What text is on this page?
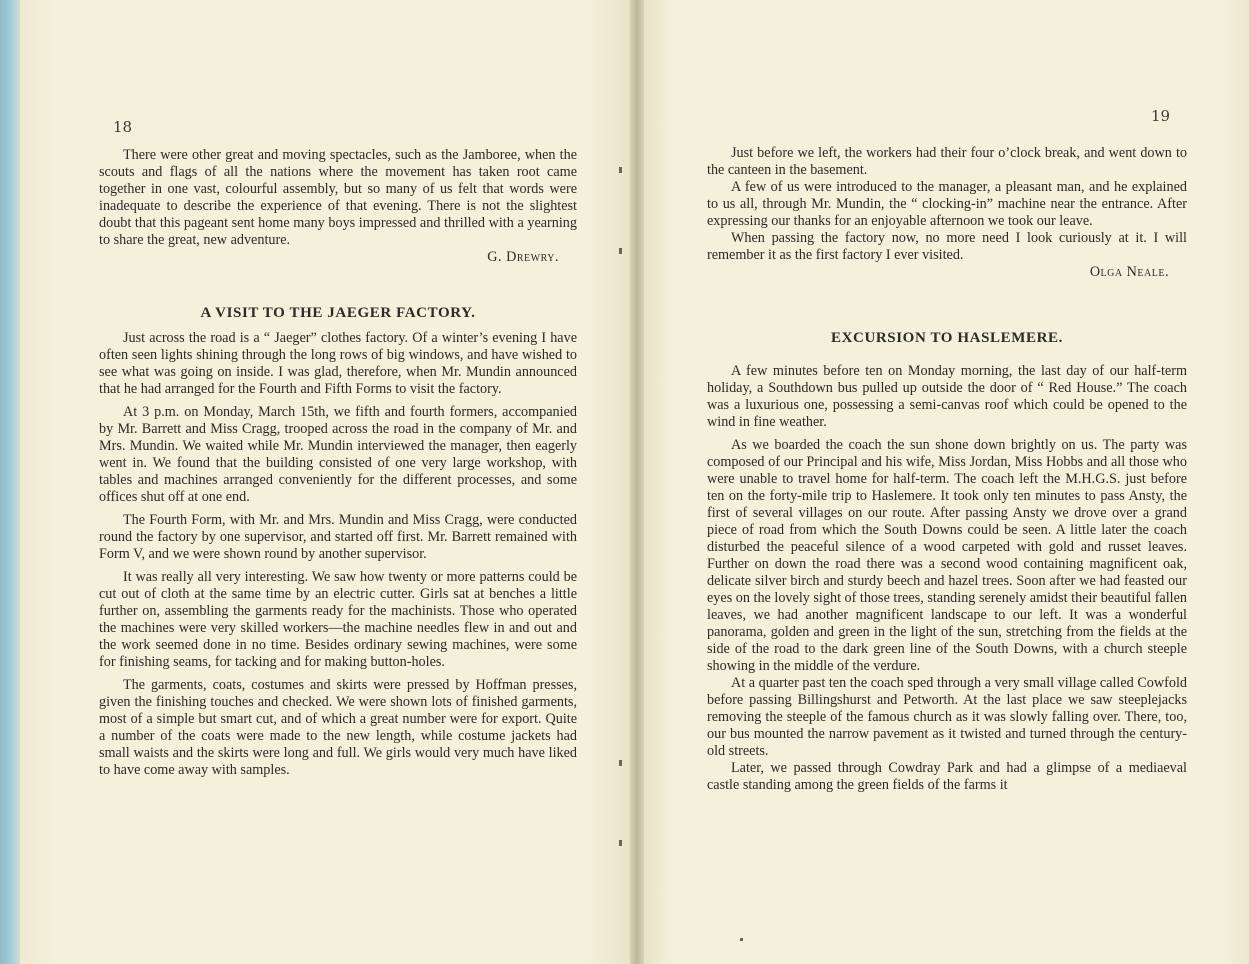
18

There were other great and moving spectacles, such as the Jamboree, when the scouts and flags of all the nations where the movement has taken root came together in one vast, colourful assembly, but so many of us felt that words were inadequate to describe the experience of that evening. There is not the slightest doubt that this pageant sent home many boys impressed and thrilled with a yearning to share the great, new adventure.

G. Drewry.

A VISIT TO THE JAEGER FACTORY.

Just across the road is a “ Jaeger” clothes factory. Of a winter’s evening I have often seen lights shining through the long rows of big windows, and have wished to see what was going on inside. I was glad, therefore, when Mr. Mundin announced that he had arranged for the Fourth and Fifth Forms to visit the factory.

At 3 p.m. on Monday, March 15th, we fifth and fourth formers, accompanied by Mr. Barrett and Miss Cragg, trooped across the road in the company of Mr. and Mrs. Mundin. We waited while Mr. Mundin interviewed the manager, then eagerly went in. We found that the building consisted of one very large workshop, with tables and machines arranged conveniently for the different processes, and some offices shut off at one end.

The Fourth Form, with Mr. and Mrs. Mundin and Miss Cragg, were conducted round the factory by one supervisor, and started off first. Mr. Barrett remained with Form V, and we were shown round by another supervisor.

It was really all very interesting. We saw how twenty or more patterns could be cut out of cloth at the same time by an electric cutter. Girls sat at benches a little further on, assembling the garments ready for the machinists. Those who operated the machines were very skilled workers—the machine needles flew in and out and the work seemed done in no time. Besides ordinary sewing machines, were some for finishing seams, for tacking and for making button-holes.

The garments, coats, costumes and skirts were pressed by Hoffman presses, given the finishing touches and checked. We were shown lots of finished garments, most of a simple but smart cut, and of which a great number were for export. Quite a number of the coats were made to the new length, while costume jackets had small waists and the skirts were long and full. We girls would very much have liked to have come away with samples.

19

Just before we left, the workers had their four o’clock break, and went down to the canteen in the basement.

A few of us were introduced to the manager, a pleasant man, and he explained to us all, through Mr. Mundin, the “ clocking-in” machine near the entrance. After expressing our thanks for an enjoyable afternoon we took our leave.

When passing the factory now, no more need I look curiously at it. I will remember it as the first factory I ever visited.

Olga Neale.

EXCURSION TO HASLEMERE.

A few minutes before ten on Monday morning, the last day of our half-term holiday, a Southdown bus pulled up outside the door of “ Red House.” The coach was a luxurious one, possessing a semi-canvas roof which could be opened to the wind in fine weather.

As we boarded the coach the sun shone down brightly on us. The party was composed of our Principal and his wife, Miss Jordan, Miss Hobbs and all those who were unable to travel home for half-term. The coach left the M.H.G.S. just before ten on the forty-mile trip to Haslemere. It took only ten minutes to pass Ansty, the first of several villages on our route. After passing Ansty we drove over a grand piece of road from which the South Downs could be seen. A little later the coach disturbed the peaceful silence of a wood carpeted with gold and russet leaves. Further on down the road there was a second wood containing magnificent oak, delicate silver birch and sturdy beech and hazel trees. Soon after we had feasted our eyes on the lovely sight of those trees, standing serenely amidst their beautiful fallen leaves, we had another magnificent landscape to our left. It was a wonderful panorama, golden and green in the light of the sun, stretching from the fields at the side of the road to the dark green line of the South Downs, with a church steeple showing in the middle of the verdure.

At a quarter past ten the coach sped through a very small village called Cowfold before passing Billingshurst and Petworth. At the last place we saw steeplejacks removing the steeple of the famous church as it was slowly falling over. There, too, our bus mounted the narrow pavement as it twisted and turned through the century-old streets.

Later, we passed through Cowdray Park and had a glimpse of a mediaeval castle standing among the green fields of the farms it
